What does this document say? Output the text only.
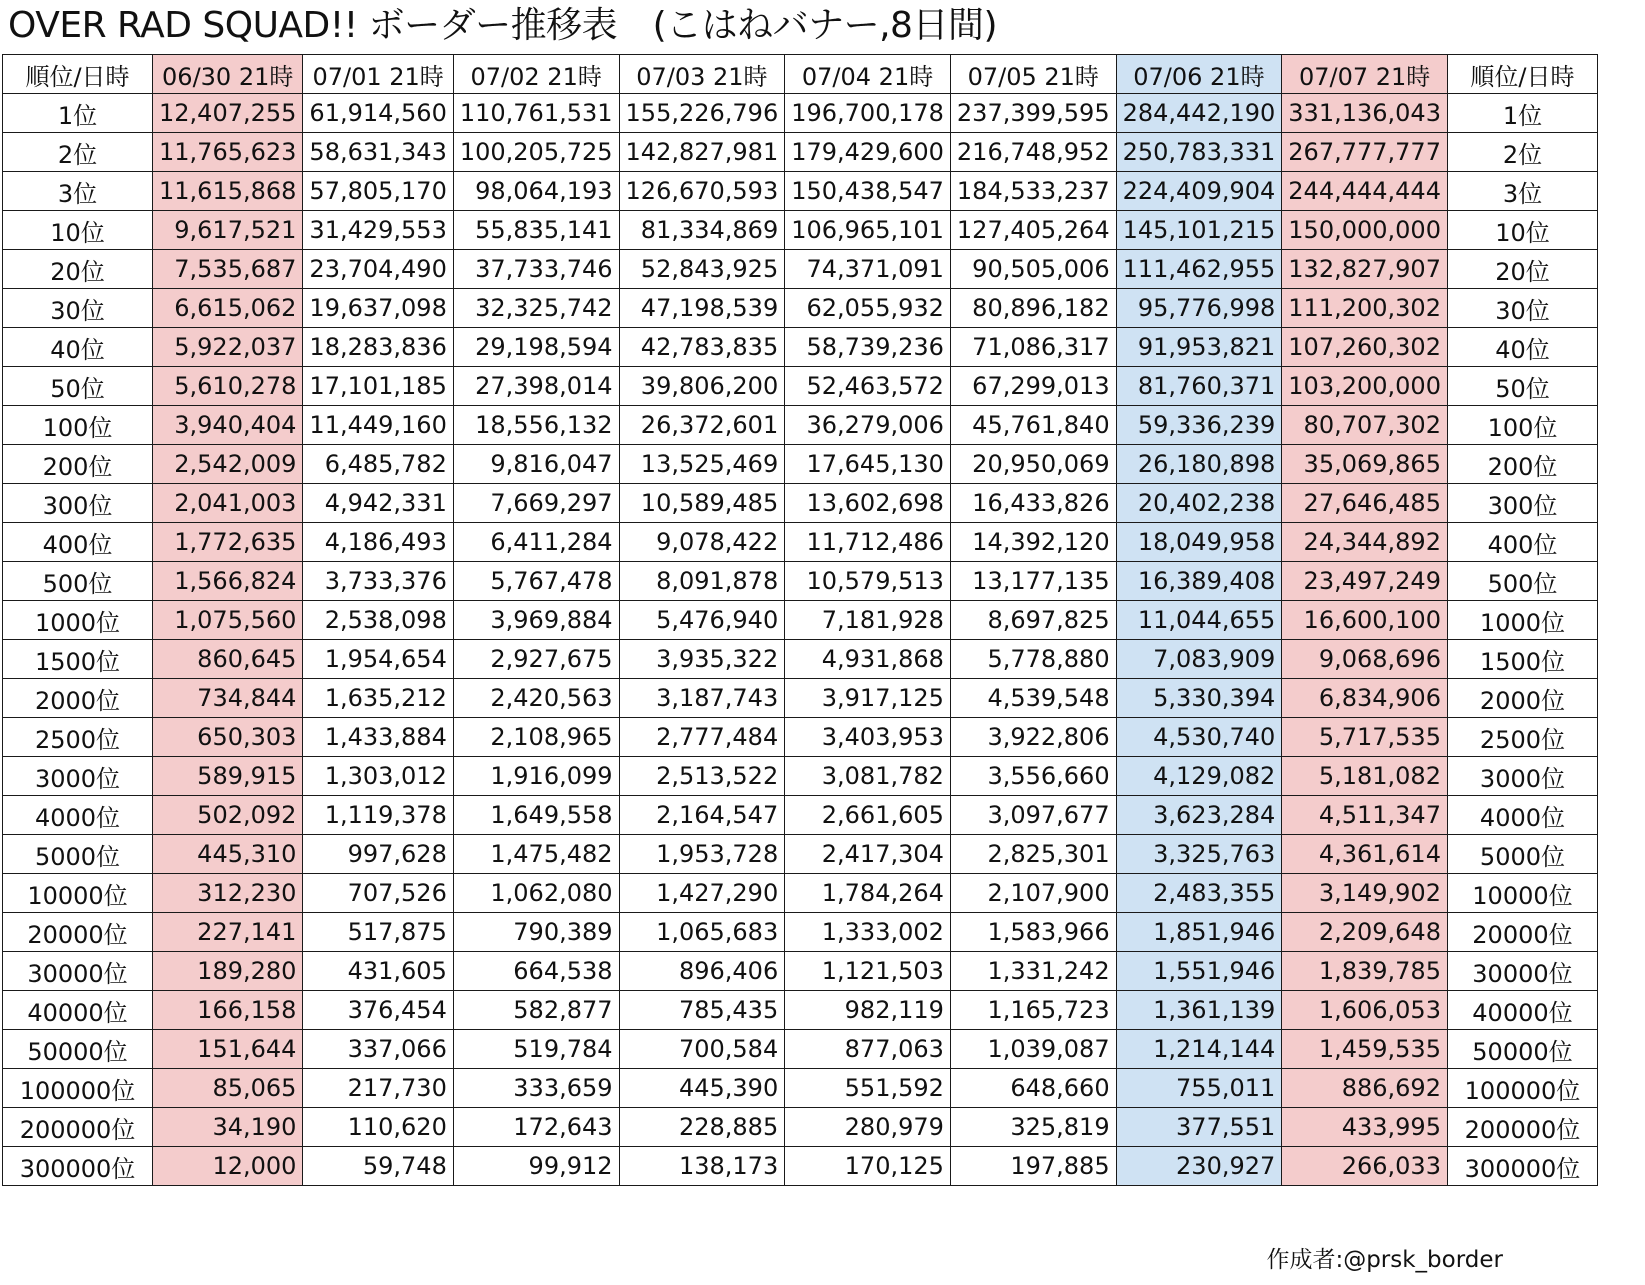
OVER RAD SQUAD!! ボーダー推移表　(こはねバナー,8日間)
順位/日時	06/30 21時	07/01 21時	07/02 21時	07/03 21時	07/04 21時	07/05 21時	07/06 21時	07/07 21時	順位/日時
1位	12,407,255	61,914,560	110,761,531	155,226,796	196,700,178	237,399,595	284,442,190	331,136,043	1位
2位	11,765,623	58,631,343	100,205,725	142,827,981	179,429,600	216,748,952	250,783,331	267,777,777	2位
3位	11,615,868	57,805,170	98,064,193	126,670,593	150,438,547	184,533,237	224,409,904	244,444,444	3位
10位	9,617,521	31,429,553	55,835,141	81,334,869	106,965,101	127,405,264	145,101,215	150,000,000	10位
20位	7,535,687	23,704,490	37,733,746	52,843,925	74,371,091	90,505,006	111,462,955	132,827,907	20位
30位	6,615,062	19,637,098	32,325,742	47,198,539	62,055,932	80,896,182	95,776,998	111,200,302	30位
40位	5,922,037	18,283,836	29,198,594	42,783,835	58,739,236	71,086,317	91,953,821	107,260,302	40位
50位	5,610,278	17,101,185	27,398,014	39,806,200	52,463,572	67,299,013	81,760,371	103,200,000	50位
100位	3,940,404	11,449,160	18,556,132	26,372,601	36,279,006	45,761,840	59,336,239	80,707,302	100位
200位	2,542,009	6,485,782	9,816,047	13,525,469	17,645,130	20,950,069	26,180,898	35,069,865	200位
300位	2,041,003	4,942,331	7,669,297	10,589,485	13,602,698	16,433,826	20,402,238	27,646,485	300位
400位	1,772,635	4,186,493	6,411,284	9,078,422	11,712,486	14,392,120	18,049,958	24,344,892	400位
500位	1,566,824	3,733,376	5,767,478	8,091,878	10,579,513	13,177,135	16,389,408	23,497,249	500位
1000位	1,075,560	2,538,098	3,969,884	5,476,940	7,181,928	8,697,825	11,044,655	16,600,100	1000位
1500位	860,645	1,954,654	2,927,675	3,935,322	4,931,868	5,778,880	7,083,909	9,068,696	1500位
2000位	734,844	1,635,212	2,420,563	3,187,743	3,917,125	4,539,548	5,330,394	6,834,906	2000位
2500位	650,303	1,433,884	2,108,965	2,777,484	3,403,953	3,922,806	4,530,740	5,717,535	2500位
3000位	589,915	1,303,012	1,916,099	2,513,522	3,081,782	3,556,660	4,129,082	5,181,082	3000位
4000位	502,092	1,119,378	1,649,558	2,164,547	2,661,605	3,097,677	3,623,284	4,511,347	4000位
5000位	445,310	997,628	1,475,482	1,953,728	2,417,304	2,825,301	3,325,763	4,361,614	5000位
10000位	312,230	707,526	1,062,080	1,427,290	1,784,264	2,107,900	2,483,355	3,149,902	10000位
20000位	227,141	517,875	790,389	1,065,683	1,333,002	1,583,966	1,851,946	2,209,648	20000位
30000位	189,280	431,605	664,538	896,406	1,121,503	1,331,242	1,551,946	1,839,785	30000位
40000位	166,158	376,454	582,877	785,435	982,119	1,165,723	1,361,139	1,606,053	40000位
50000位	151,644	337,066	519,784	700,584	877,063	1,039,087	1,214,144	1,459,535	50000位
100000位	85,065	217,730	333,659	445,390	551,592	648,660	755,011	886,692	100000位
200000位	34,190	110,620	172,643	228,885	280,979	325,819	377,551	433,995	200000位
300000位	12,000	59,748	99,912	138,173	170,125	197,885	230,927	266,033	300000位
作成者:@prsk_border
